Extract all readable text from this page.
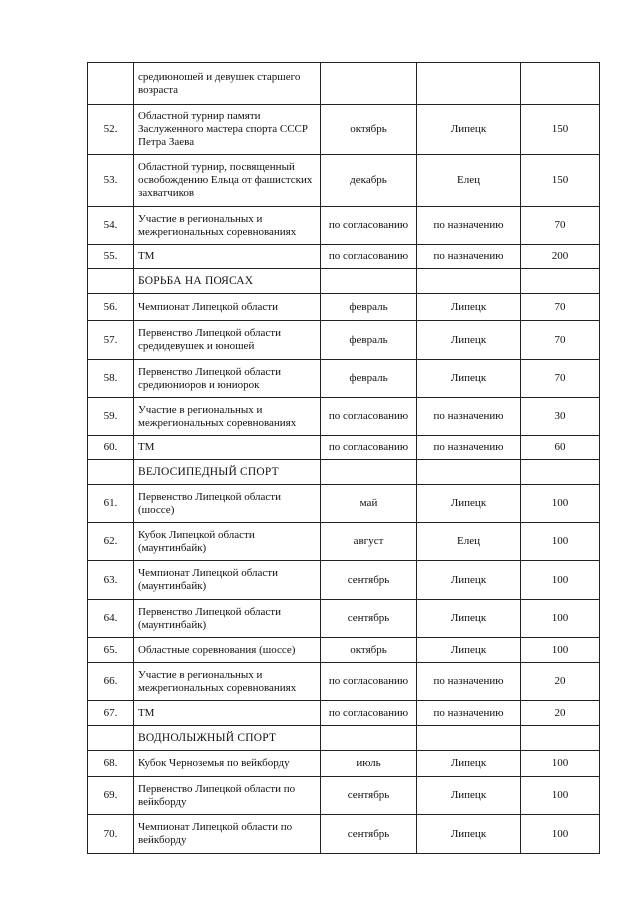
	средиюношей и девушек старшего возраста			
52.	Областной турнир памяти Заслуженного мастера спорта СССР Петра Заева	октябрь	Липецк	150
53.	Областной турнир, посвященный освобождению Ельца от фашистских захватчиков	декабрь	Елец	150
54.	Участие в региональных и межрегиональных соревнованиях	по согласованию	по назначению	70
55.	ТМ	по согласованию	по назначению	200
	БОРЬБА НА ПОЯСАХ			
56.	Чемпионат Липецкой области	февраль	Липецк	70
57.	Первенство Липецкой области средидевушек и юношей	февраль	Липецк	70
58.	Первенство Липецкой области средиюниоров и юниорок	февраль	Липецк	70
59.	Участие в региональных и межрегиональных соревнованиях	по согласованию	по назначению	30
60.	ТМ	по согласованию	по назначению	60
	ВЕЛОСИПЕДНЫЙ СПОРТ			
61.	Первенство Липецкой области (шоссе)	май	Липецк	100
62.	Кубок Липецкой области (маунтинбайк)	август	Елец	100
63.	Чемпионат Липецкой области (маунтинбайк)	сентябрь	Липецк	100
64.	Первенство Липецкой области (маунтинбайк)	сентябрь	Липецк	100
65.	Областные соревнования (шоссе)	октябрь	Липецк	100
66.	Участие в региональных и межрегиональных соревнованиях	по согласованию	по назначению	20
67.	ТМ	по согласованию	по назначению	20
	ВОДНОЛЫЖНЫЙ СПОРТ			
68.	Кубок Черноземья по вейкборду	июль	Липецк	100
69.	Первенство Липецкой области по вейкборду	сентябрь	Липецк	100
70.	Чемпионат Липецкой области по вейкборду	сентябрь	Липецк	100
